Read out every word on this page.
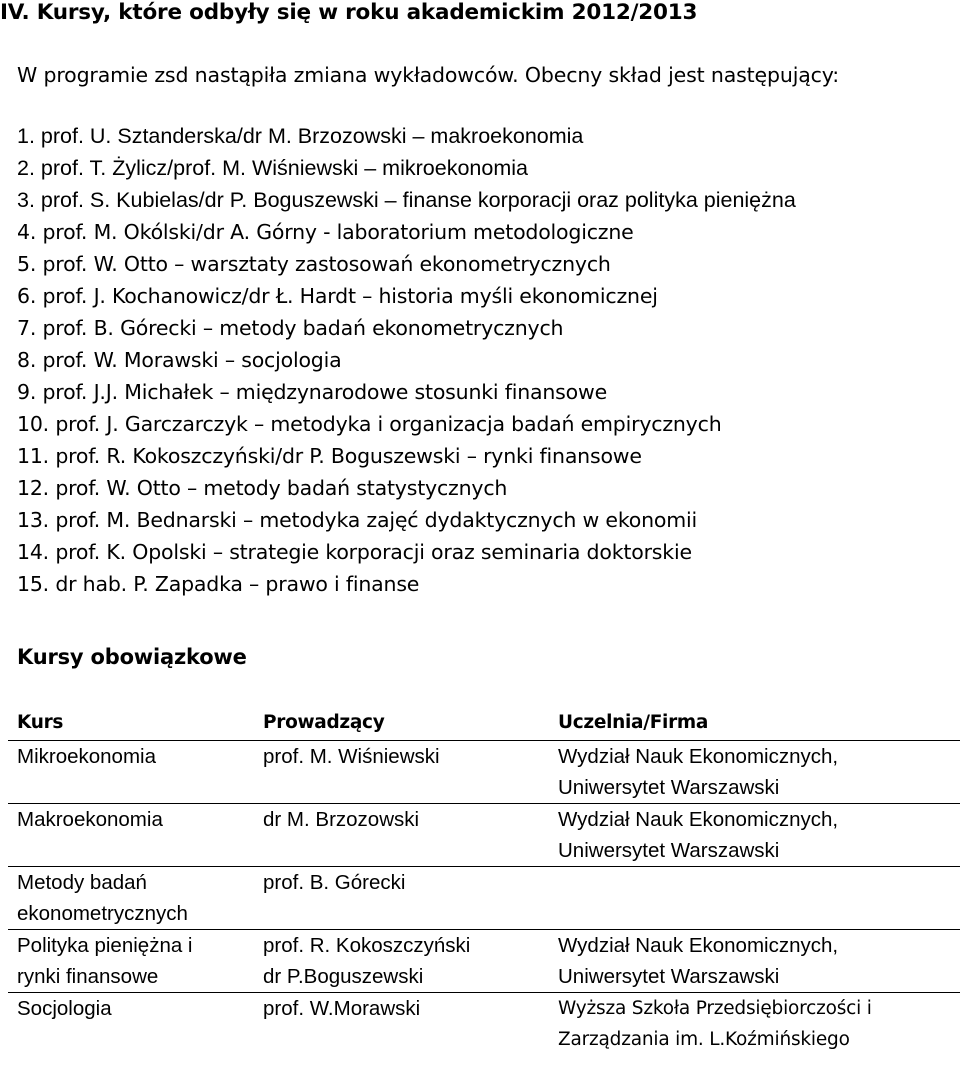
IV. Kursy, które odbyły się w roku akademickim 2012/2013
W programie zsd nastąpiła zmiana wykładowców. Obecny skład jest następujący:
1. prof. U. Sztanderska/dr M. Brzozowski – makroekonomia
2. prof. T. Żylicz/prof. M. Wiśniewski – mikroekonomia
3. prof. S. Kubielas/dr P. Boguszewski – finanse korporacji oraz polityka pieniężna
4. prof. M. Okólski/dr A. Górny - laboratorium metodologiczne
5. prof. W. Otto – warsztaty zastosowań ekonometrycznych
6. prof. J. Kochanowicz/dr Ł. Hardt – historia myśli ekonomicznej
7. prof. B. Górecki – metody badań ekonometrycznych
8. prof. W. Morawski – socjologia
9. prof. J.J. Michałek – międzynarodowe stosunki finansowe
10. prof. J. Garczarczyk – metodyka i organizacja badań empirycznych
11. prof. R. Kokoszczyński/dr P. Boguszewski – rynki finansowe
12. prof. W. Otto – metody badań statystycznych
13. prof. M. Bednarski – metodyka zajęć dydaktycznych w ekonomii
14. prof. K. Opolski – strategie korporacji oraz seminaria doktorskie
15. dr hab. P. Zapadka – prawo i finanse
Kursy obowiązkowe
Kurs	Prowadzący	Uczelnia/Firma

Mikroekonomia	prof. M. Wiśniewski	Wydział Nauk Ekonomicznych,
Uniwersytet Warszawski

Makroekonomia	dr M. Brzozowski	Wydział Nauk Ekonomicznych,
Uniwersytet Warszawski

Metody badań
ekonometrycznych	prof. B. Górecki	

Polityka pieniężna i
rynki finansowe	prof. R. Kokoszczyński
dr P.Boguszewski	Wydział Nauk Ekonomicznych,
Uniwersytet Warszawski

Socjologia	prof. W.Morawski	Wyższa Szkoła Przedsiębiorczości i
Zarządzania im. L.Koźmińskiego
